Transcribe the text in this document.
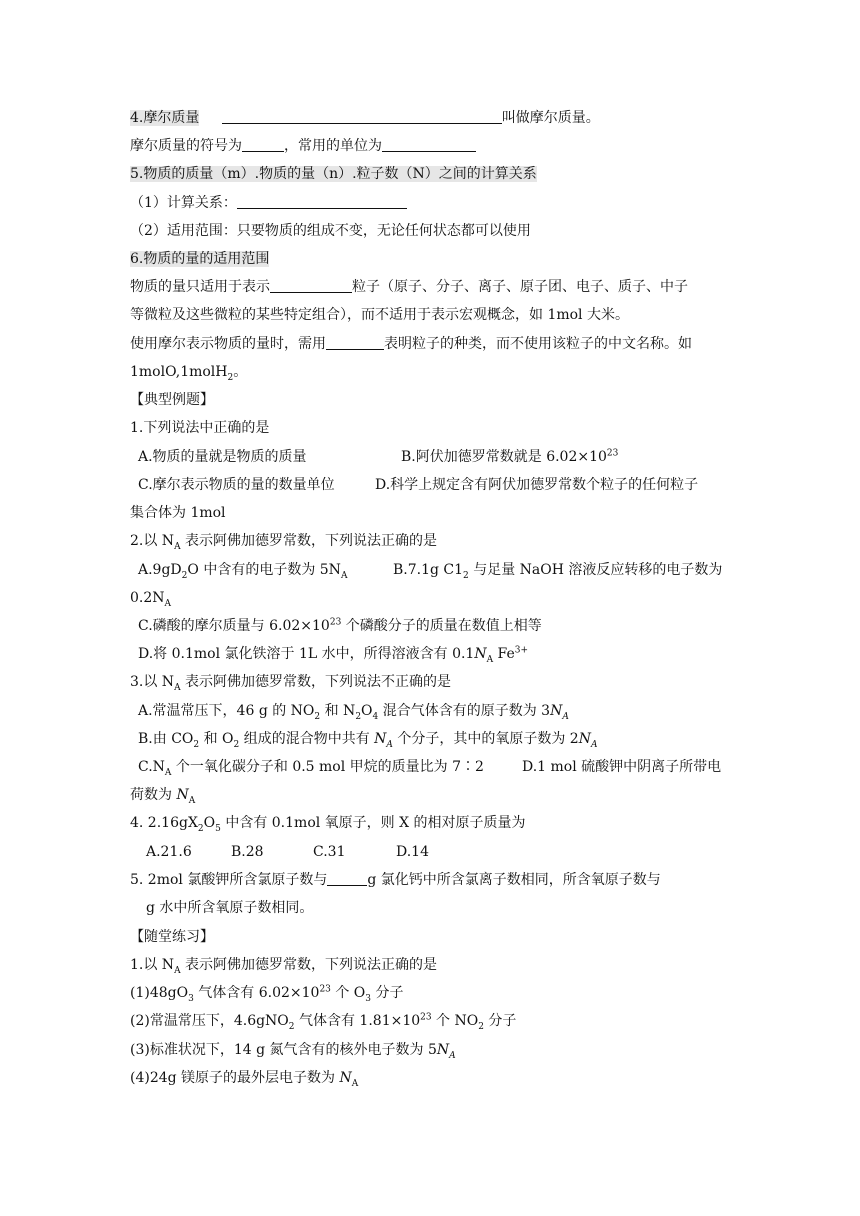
4.摩尔质量	叫做摩尔质量。
摩尔质量的符号为	，常用的单位为
5.物质的质量（m）.物质的量（n）.粒子数（N）之间的计算关系
（1）计算关系：
（2）适用范围：只要物质的组成不变，无论任何状态都可以使用
6.物质的量的适用范围
物质的量只适用于表示	粒子（原子、分子、离子、原子团、电子、质子、中子
等微粒及这些微粒的某些特定组合），而不适用于表示宏观概念，如 1mol 大米。
使用摩尔表示物质的量时，需用	表明粒子的种类，而不使用该粒子的中文名称。如
1molO,1molH$_2$。
【典型例题】
1.下列说法中正确的是
A.物质的量就是物质的质量	B.阿伏加德罗常数就是 $6.02\times 10^{23}$
C.摩尔表示物质的量的数量单位	D.科学上规定含有阿伏加德罗常数个粒子的任何粒子
集合体为 1mol
2.以 $N_A$ 表示阿佛加德罗常数，下列说法正确的是
$A.9gD_2O$ 中含有的电子数为 $5N_A$	B.7.1g $C1_2$ 与足量 NaOH 溶液反应转移的电子数为
$0.2N_A$
C.磷酸的摩尔质量与 $6.02\times 10^{23}$ 个磷酸分子的质量在数值上相等
D.将 0.1mol 氯化铁溶于 1L 水中，所得溶液含有 $0.1N_A$ $Fe^{3+}$
3.以 $N_A$ 表示阿佛加德罗常数，下列说法不正确的是
A.常温常压下，46 g 的 $NO_2$ 和 $N_2O_4$ 混合气体含有的原子数为 $3N_A$
B.由 $CO_2$ 和 $O_2$ 组成的混合物中共有 $N_A$ 个分子，其中的氧原子数为 $2N_A$
$C.N_A$ 个一氧化碳分子和 0.5 mol 甲烷的质量比为 7∶2	D.1 mol 硫酸钾中阴离子所带电
荷数为 $N_A$
4. $2.16gX_2O_5$ 中含有 0.1mol 氧原子，则 X 的相对原子质量为
A.21.6	B.28	C.31	D.14
5. 2mol 氯酸钾所含氯原子数与	g 氯化钙中所含氯离子数相同，所含氧原子数与
g 水中所含氧原子数相同。
【随堂练习】
1.以 $N_A$ 表示阿佛加德罗常数，下列说法正确的是
$(1)48gO_3$ 气体含有 $6.02\times 10^{23}$ 个 $O_3$ 分子
(2)常温常压下，4.6gNO$_2$ 气体含有 $1.81\times 10^{23}$ 个 $NO_2$ 分子
(3)标准状况下，14 g 氮气含有的核外电子数为 $5N_A$
(4)24g 镁原子的最外层电子数为 $N_A$
